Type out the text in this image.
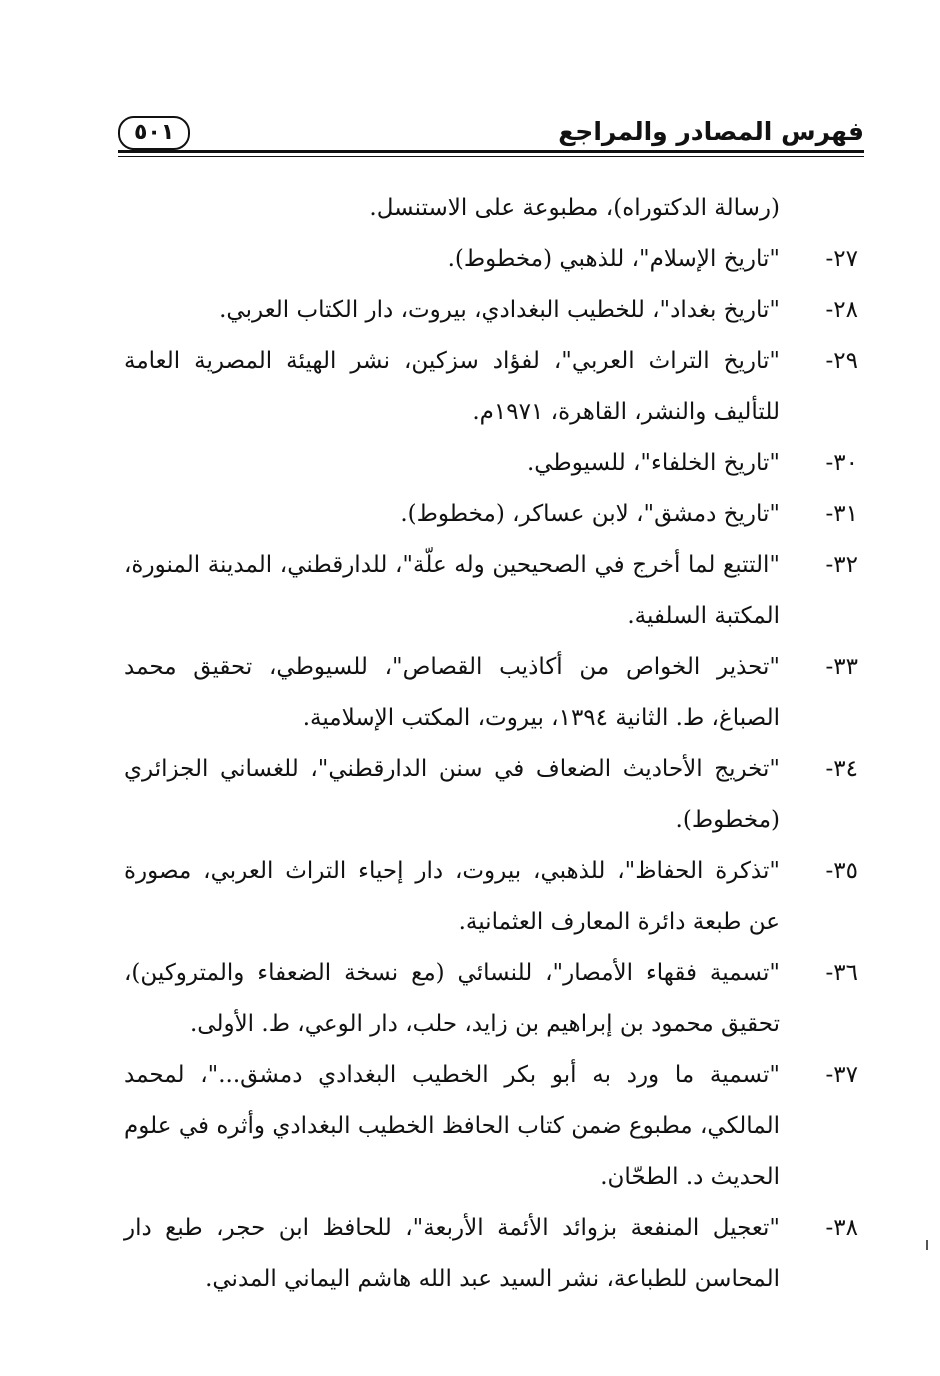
فهرس المصادر والمراجع
٥٠١
(رسالة الدكتوراه)، مطبوعة على الاستنسل.
٢٧-
"تاريخ الإسلام"، للذهبي (مخطوط).
٢٨-
"تاريخ بغداد"، للخطيب البغدادي، بيروت، دار الكتاب العربي.
٢٩-
"تاريخ التراث العربي"، لفؤاد سزكين، نشر الهيئة المصرية العامة للتأليف والنشر، القاهرة، ١٩٧١م.
٣٠-
"تاريخ الخلفاء"، للسيوطي.
٣١-
"تاريخ دمشق"، لابن عساكر، (مخطوط).
٣٢-
"التتبع لما أخرج في الصحيحين وله علّة"، للدارقطني، المدينة المنورة، المكتبة السلفية.
٣٣-
"تحذير الخواص من أكاذيب القصاص"، للسيوطي، تحقيق محمد الصباغ، ط. الثانية ١٣٩٤، بيروت، المكتب الإسلامية.
٣٤-
"تخريج الأحاديث الضعاف في سنن الدارقطني"، للغساني الجزائري (مخطوط).
٣٥-
"تذكرة الحفاظ"، للذهبي، بيروت، دار إحياء التراث العربي، مصورة عن طبعة دائرة المعارف العثمانية.
٣٦-
"تسمية فقهاء الأمصار"، للنسائي (مع نسخة الضعفاء والمتروكين)، تحقيق محمود بن إبراهيم بن زايد، حلب، دار الوعي، ط. الأولى.
٣٧-
"تسمية ما ورد به أبو بكر الخطيب البغدادي دمشق..."، لمحمد المالكي، مطبوع ضمن كتاب الحافظ الخطيب البغدادي وأثره في علوم الحديث د. الطحّان.
٣٨-
"تعجيل المنفعة بزوائد الأئمة الأربعة"، للحافظ ابن حجر، طبع دار المحاسن للطباعة، نشر السيد عبد الله هاشم اليماني المدني.
